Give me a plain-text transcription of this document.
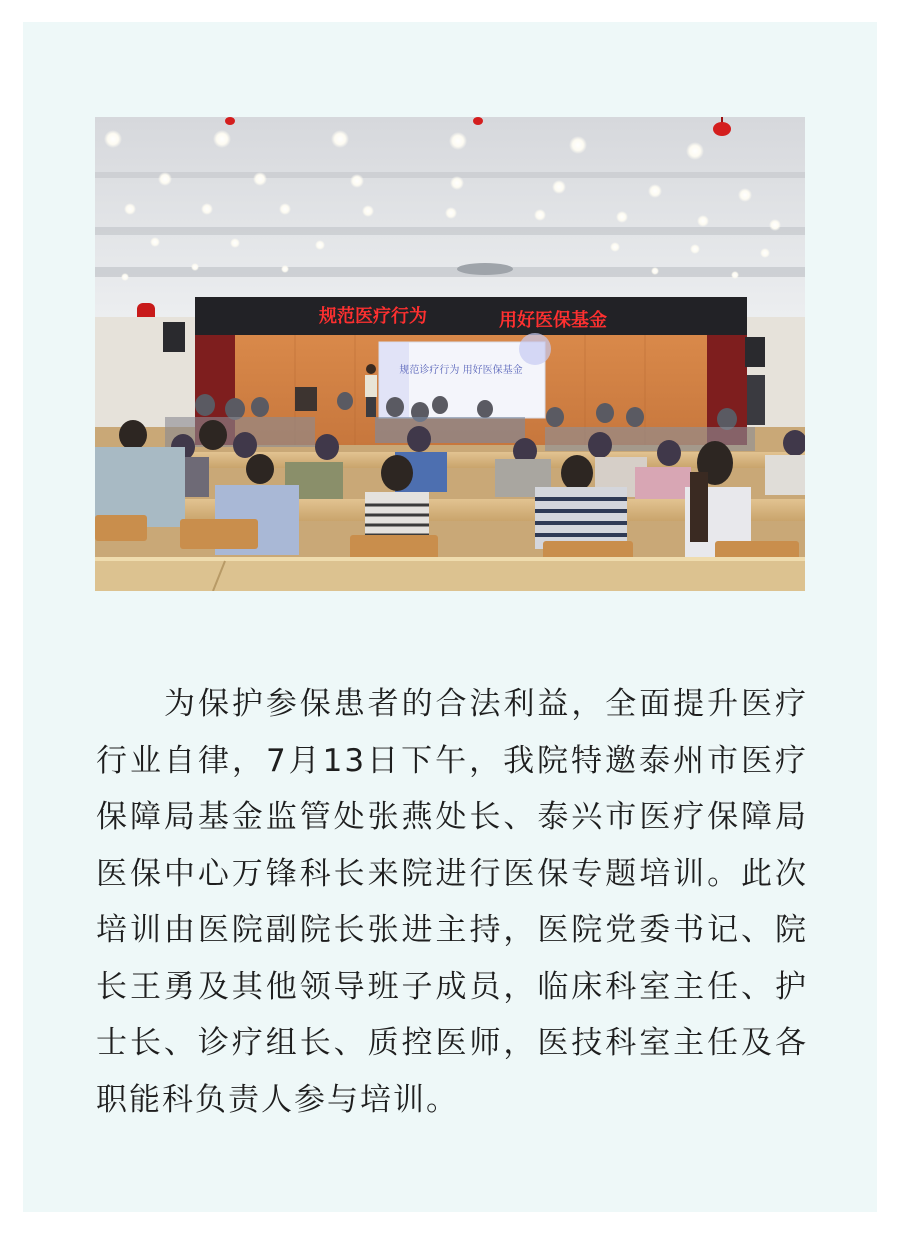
规范医疗行为	用好医保基金
规范诊疗行为 用好医保基金

为保护参保患者的合法利益，全面提升医疗行业自律，7月13日下午，我院特邀泰州市医疗保障局基金监管处张燕处长、泰兴市医疗保障局医保中心万锋科长来院进行医保专题培训。此次培训由医院副院长张进主持，医院党委书记、院长王勇及其他领导班子成员，临床科室主任、护士长、诊疗组长、质控医师，医技科室主任及各职能科负责人参与培训。
